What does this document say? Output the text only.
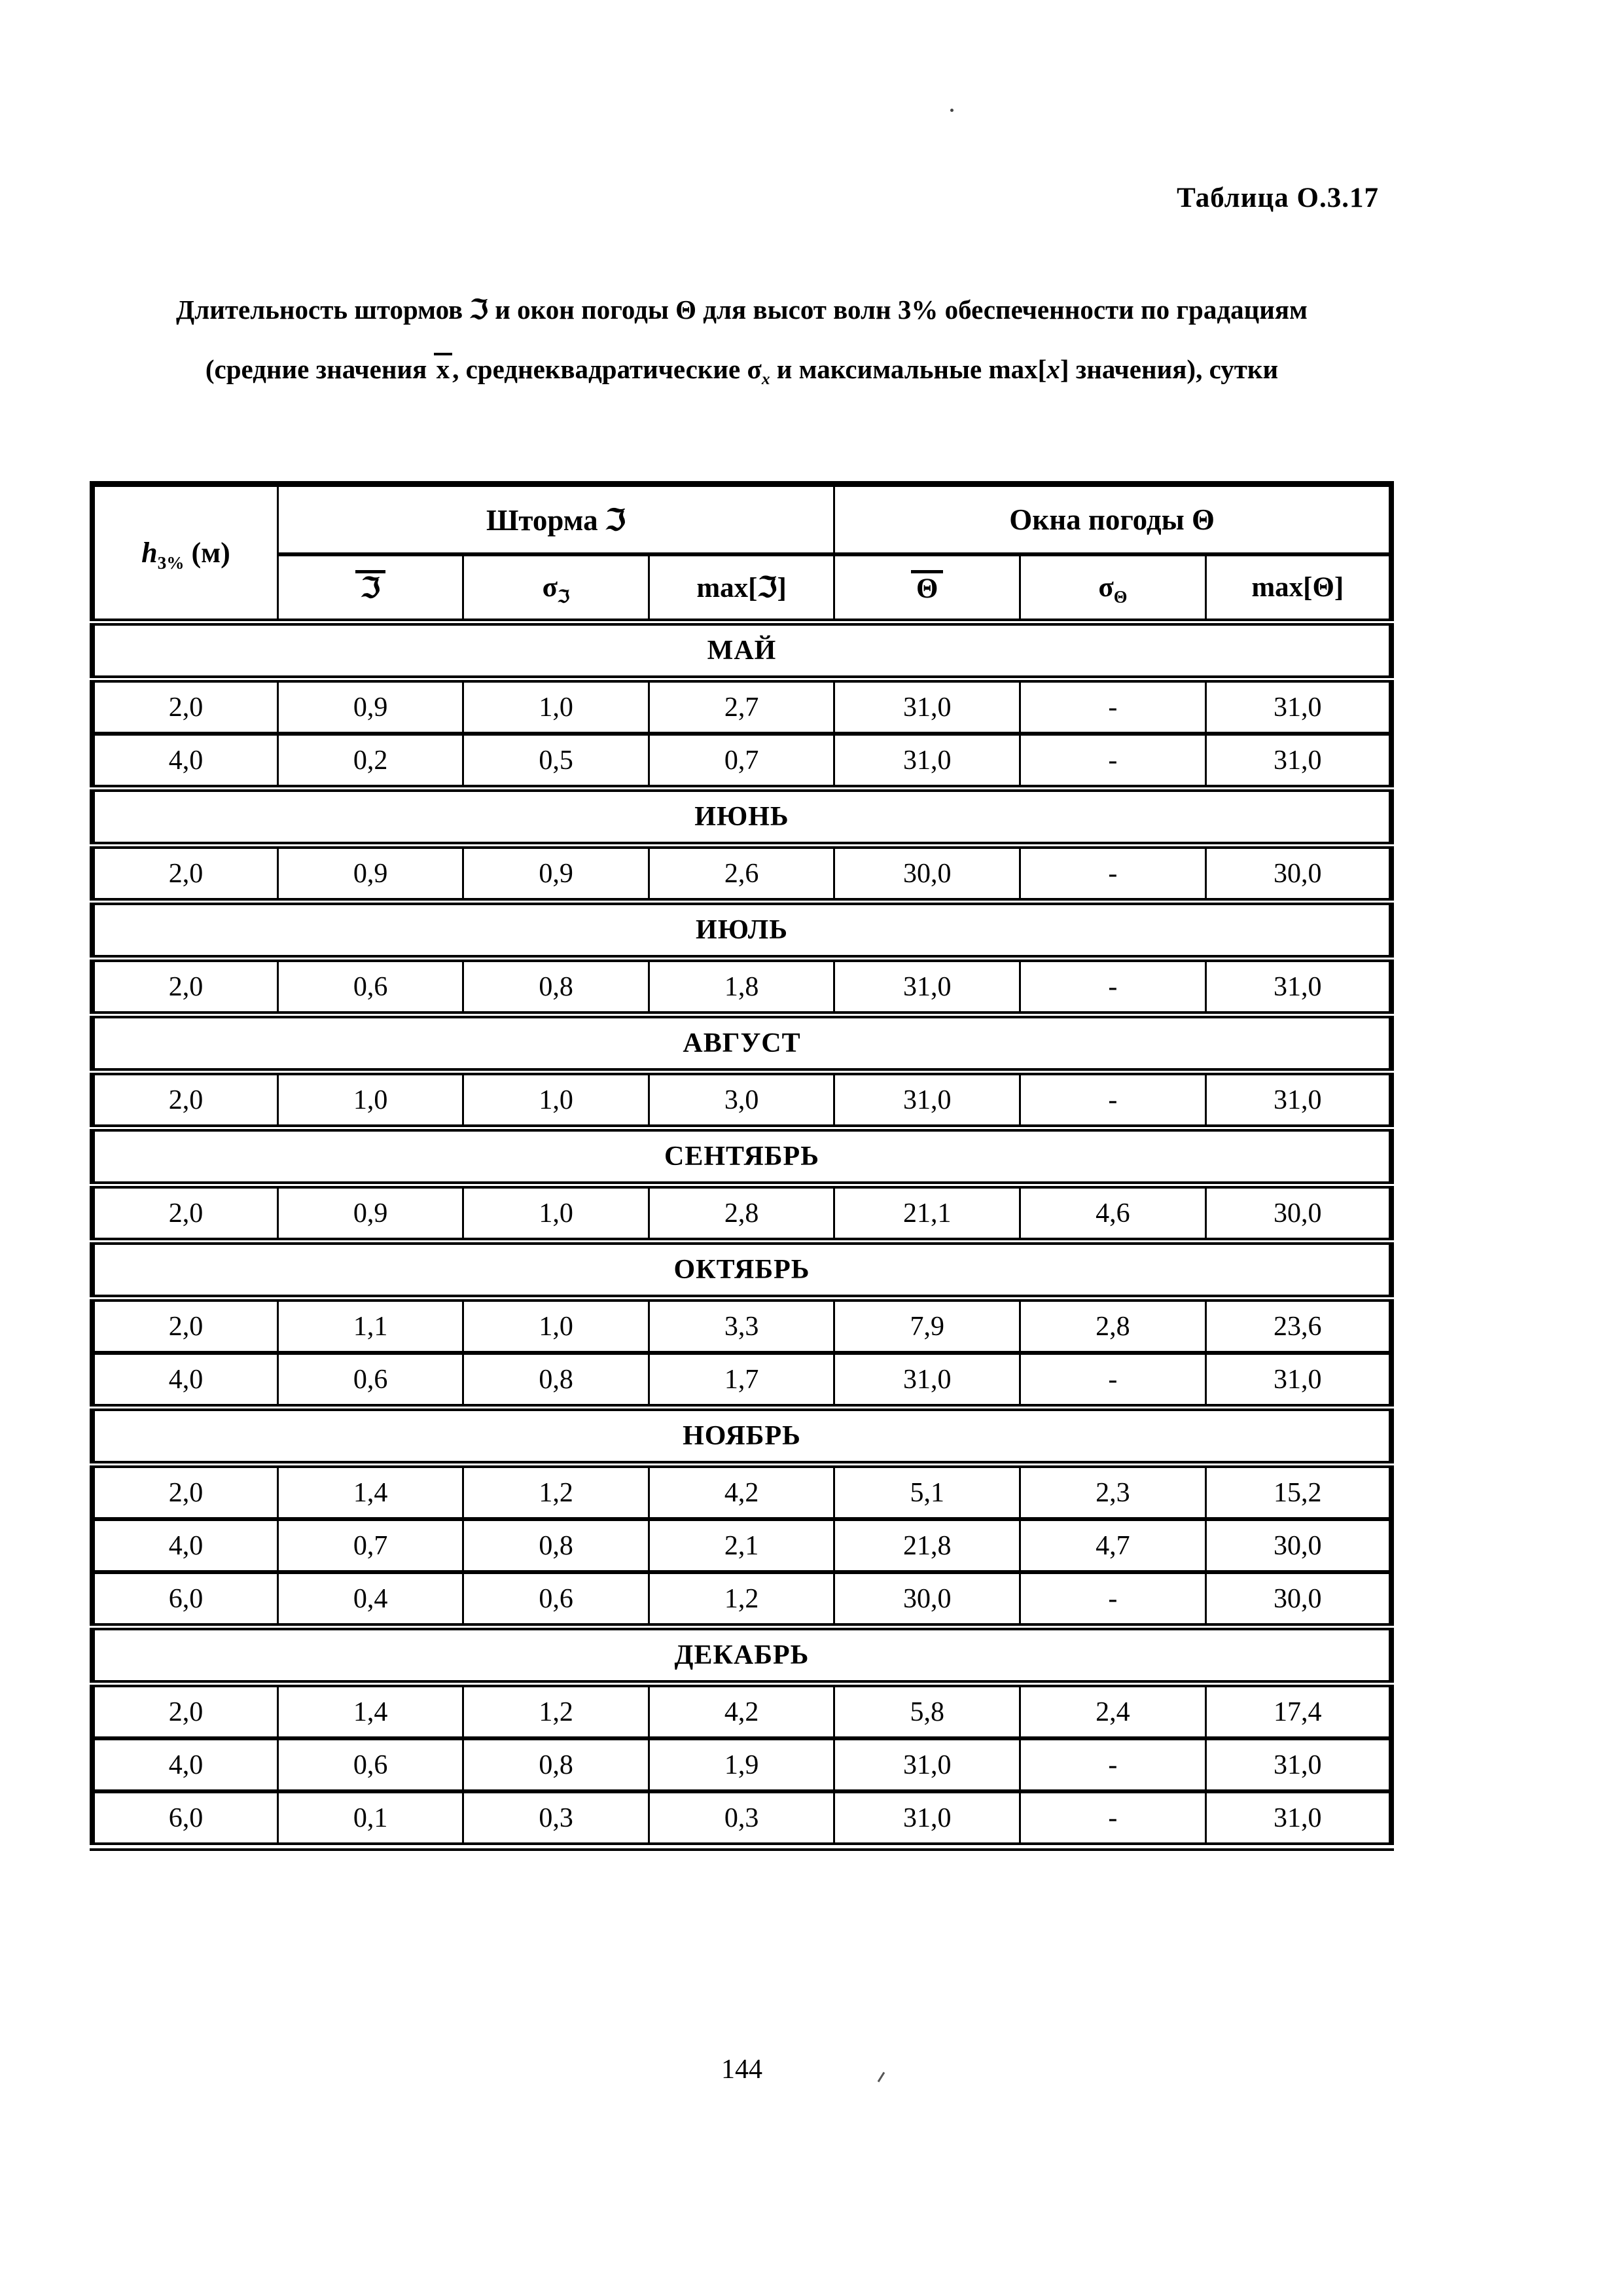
Таблица О.3.17
Длительность штормов ℑ и окон погоды Θ для высот волн 3% обеспеченности по градациям
(средние значения x, среднеквадратические $\sigma_x$ и максимальные max[x] значения), сутки
$h_{3\%}$ (м)	Шторма ℑ			Окна погоды Θ		
	ℑ	$\sigma_ℑ$	max[ℑ]	Θ	$\sigma_\Theta$	max[Θ]
МАЙ						
2,0	0,9	1,0	2,7	31,0	-	31,0
4,0	0,2	0,5	0,7	31,0	-	31,0
ИЮНЬ						
2,0	0,9	0,9	2,6	30,0	-	30,0
ИЮЛЬ						
2,0	0,6	0,8	1,8	31,0	-	31,0
АВГУСТ						
2,0	1,0	1,0	3,0	31,0	-	31,0
СЕНТЯБРЬ						
2,0	0,9	1,0	2,8	21,1	4,6	30,0
ОКТЯБРЬ						
2,0	1,1	1,0	3,3	7,9	2,8	23,6
4,0	0,6	0,8	1,7	31,0	-	31,0
НОЯБРЬ						
2,0	1,4	1,2	4,2	5,1	2,3	15,2
4,0	0,7	0,8	2,1	21,8	4,7	30,0
6,0	0,4	0,6	1,2	30,0	-	30,0
ДЕКАБРЬ						
2,0	1,4	1,2	4,2	5,8	2,4	17,4
4,0	0,6	0,8	1,9	31,0	-	31,0
6,0	0,1	0,3	0,3	31,0	-	31,0
144
